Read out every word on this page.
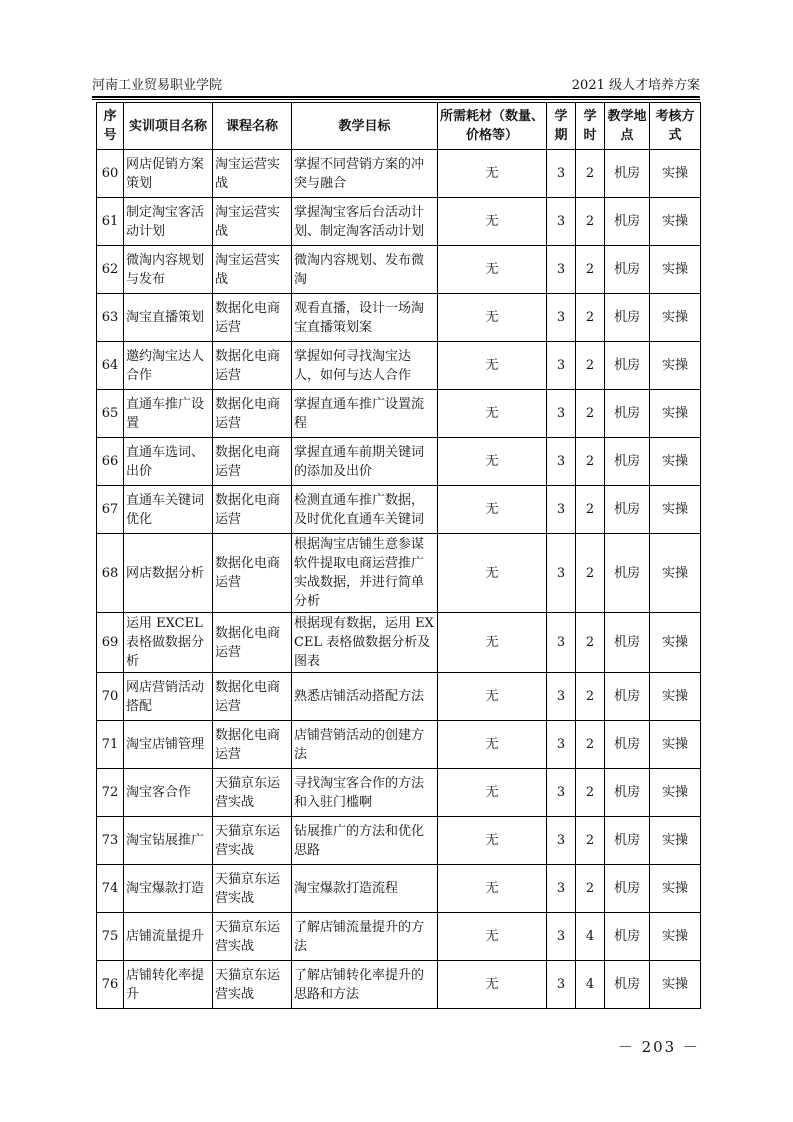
河南工业贸易职业学院	2021 级人才培养方案
序号	实训项目名称	课程名称	教学目标	所需耗材（数量、价格等）	学期	学时	教学地点	考核方式
60	网店促销方案策划	淘宝运营实战	掌握不同营销方案的冲突与融合	无	3	2	机房	实操
61	制定淘宝客活动计划	淘宝运营实战	掌握淘宝客后台活动计划、制定淘客活动计划	无	3	2	机房	实操
62	微淘内容规划与发布	淘宝运营实战	微淘内容规划、发布微淘	无	3	2	机房	实操
63	淘宝直播策划	数据化电商运营	观看直播，设计一场淘宝直播策划案	无	3	2	机房	实操
64	邀约淘宝达人合作	数据化电商运营	掌握如何寻找淘宝达人，如何与达人合作	无	3	2	机房	实操
65	直通车推广设置	数据化电商运营	掌握直通车推广设置流程	无	3	2	机房	实操
66	直通车选词、出价	数据化电商运营	掌握直通车前期关键词的添加及出价	无	3	2	机房	实操
67	直通车关键词优化	数据化电商运营	检测直通车推广数据，及时优化直通车关键词	无	3	2	机房	实操
68	网店数据分析	数据化电商运营	根据淘宝店铺生意参谋软件提取电商运营推广实战数据，并进行简单分析	无	3	2	机房	实操
69	运用 EXCEL 表格做数据分析	数据化电商运营	根据现有数据，运用 EXCEL 表格做数据分析及图表	无	3	2	机房	实操
70	网店营销活动搭配	数据化电商运营	熟悉店铺活动搭配方法	无	3	2	机房	实操
71	淘宝店铺管理	数据化电商运营	店铺营销活动的创建方法	无	3	2	机房	实操
72	淘宝客合作	天猫京东运营实战	寻找淘宝客合作的方法和入驻门槛啊	无	3	2	机房	实操
73	淘宝钻展推广	天猫京东运营实战	钻展推广的方法和优化思路	无	3	2	机房	实操
74	淘宝爆款打造	天猫京东运营实战	淘宝爆款打造流程	无	3	2	机房	实操
75	店铺流量提升	天猫京东运营实战	了解店铺流量提升的方法	无	3	4	机房	实操
76	店铺转化率提升	天猫京东运营实战	了解店铺转化率提升的思路和方法	无	3	4	机房	实操
－ 203 －
